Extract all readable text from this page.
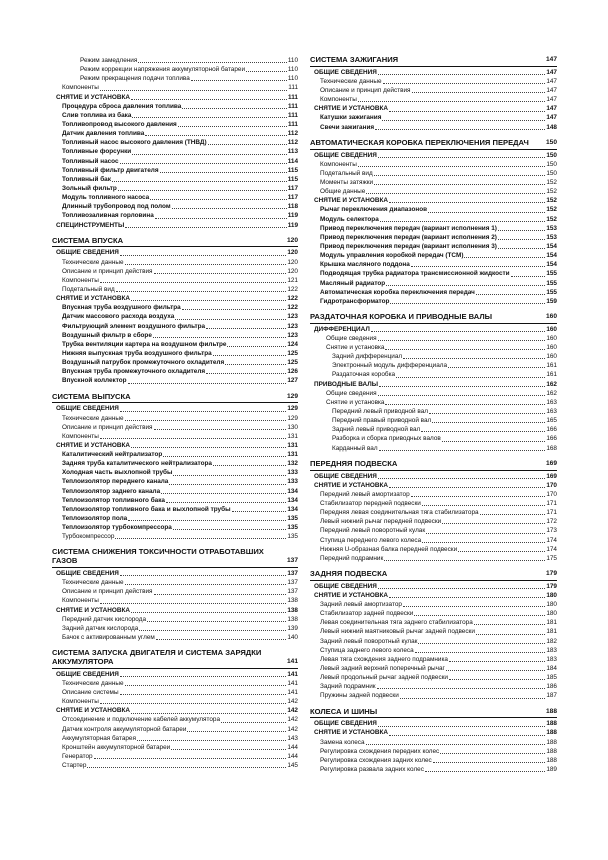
Режим замедления	110
Режим коррекции напряжения аккумуляторной батареи	110
Режим прекращения подачи топлива	110
Компоненты	111
СНЯТИЕ И УСТАНОВКА	111
Процедура сброса давления топлива	111
Слив топлива из бака	111
Топливопровод высокого давления	111
Датчик давления топлива	112
Топливный насос высокого давления (ТНВД)	112
Топливные форсунки	113
Топливный насос	114
Топливный фильтр двигателя	115
Топливный бак	115
Зольный фильтр	117
Модуль топливного насоса	117
Длинный трубопровод под полом	118
Топливозаливная горловина	119
СПЕЦИНСТРУМЕНТЫ	119
СИСТЕМА ВПУСКА	120
ОБЩИЕ СВЕДЕНИЯ	120
Технические данные	120
Описание и принцип действия	120
Компоненты	121
Подетальный вид	122
СНЯТИЕ И УСТАНОВКА	122
Впускная труба воздушного фильтра	122
Датчик массового расхода воздуха	123
Фильтрующий элемент воздушного фильтра	123
Воздушный фильтр в сборе	123
Трубка вентиляции картера на воздушном фильтре	124
Нижняя выпускная труба воздушного фильтра	125
Воздушный патрубок промежуточного охладителя	125
Впускная труба промежуточного охладителя	126
Впускной коллектор	127
СИСТЕМА ВЫПУСКА	129
ОБЩИЕ СВЕДЕНИЯ	129
Технические данные	129
Описание и принцип действия	130
Компоненты	131
СНЯТИЕ И УСТАНОВКА	131
Каталитический нейтрализатор	131
Задняя труба каталитического нейтрализатора	132
Холодная часть выхлопной трубы	133
Теплоизолятор переднего канала	133
Теплоизолятор заднего канала	134
Теплоизолятор топливного бака	134
Теплоизолятор топливного бака и выхлопной трубы	134
Теплоизолятор пола	135
Теплоизолятор турбокомпрессора	135
Турбокомпрессор	135
СИСТЕМА СНИЖЕНИЯ ТОКСИЧНОСТИ ОТРАБОТАВШИХ ГАЗОВ	137
ОБЩИЕ СВЕДЕНИЯ	137
Технические данные	137
Описание и принцип действия	137
Компоненты	138
СНЯТИЕ И УСТАНОВКА	138
Передний датчик кислорода	138
Задний датчик кислорода	139
Бачок с активированным углем	140
СИСТЕМА ЗАПУСКА ДВИГАТЕЛЯ И СИСТЕМА ЗАРЯДКИ АККУМУЛЯТОРА	141
ОБЩИЕ СВЕДЕНИЯ	141
Технические данные	141
Описание системы	141
Компоненты	142
СНЯТИЕ И УСТАНОВКА	142
Отсоединение и подключение кабелей аккумулятора	142
Датчик контроля аккумуляторной батареи	142
Аккумуляторная батарея	143
Кронштейн аккумуляторной батареи	144
Генератор	144
Стартер	145
СИСТЕМА ЗАЖИГАНИЯ	147
ОБЩИЕ СВЕДЕНИЯ	147
Технические данные	147
Описание и принцип действия	147
Компоненты	147
СНЯТИЕ И УСТАНОВКА	147
Катушки зажигания	147
Свечи зажигания	148
АВТОМАТИЧЕСКАЯ КОРОБКА ПЕРЕКЛЮЧЕНИЯ ПЕРЕДАЧ	150
ОБЩИЕ СВЕДЕНИЯ	150
Компоненты	150
Подетальный вид	150
Моменты затяжки	152
Общие данные	152
СНЯТИЕ И УСТАНОВКА	152
Рычаг переключения диапазонов	152
Модуль селектора	152
Привод переключения передач (вариант исполнения 1)	153
Привод переключения передач (вариант исполнения 2)	153
Привод переключения передач (вариант исполнения 3)	154
Модуль управления коробкой передач (TCM)	154
Крышка масляного поддона	154
Подводящая трубка радиатора трансмиссионной жидкости	155
Масляный радиатор	155
Автоматическая коробка переключения передач	155
Гидротрансформатор	159
РАЗДАТОЧНАЯ КОРОБКА И ПРИВОДНЫЕ ВАЛЫ	160
ДИФФЕРЕНЦИАЛ	160
Общие сведения	160
Снятие и установка	160
Задний дифференциал	160
Электронный модуль дифференциала	161
Раздаточная коробка	161
ПРИВОДНЫЕ ВАЛЫ	162
Общие сведения	162
Снятие и установка	163
Передний левый приводной вал	163
Передний правый приводной вал	165
Задний левый приводной вал	166
Разборка и сборка приводных валов	166
Карданный вал	168
ПЕРЕДНЯЯ ПОДВЕСКА	169
ОБЩИЕ СВЕДЕНИЯ	169
СНЯТИЕ И УСТАНОВКА	170
Передний левый амортизатор	170
Стабилизатор передней подвески	171
Передняя левая соединительная тяга стабилизатора	171
Левый нижний рычаг передней подвески	172
Передний левый поворотный кулак	173
Ступица переднего левого колеса	174
Нижняя U-образная балка передней подвески	174
Передний подрамник	175
ЗАДНЯЯ ПОДВЕСКА	179
ОБЩИЕ СВЕДЕНИЯ	179
СНЯТИЕ И УСТАНОВКА	180
Задний левый амортизатор	180
Стабилизатор задней подвески	180
Левая соединительная тяга заднего стабилизатора	181
Левый нижний маятниковый рычаг задней подвески	181
Задний левый поворотный кулак	182
Ступица заднего левого колеса	183
Левая тяга схождения заднего подрамника	183
Левый задний верхний поперечный рычаг	184
Левый продольный рычаг задней подвески	185
Задний подрамник	186
Пружины задней подвески	187
КОЛЕСА И ШИНЫ	188
ОБЩИЕ СВЕДЕНИЯ	188
СНЯТИЕ И УСТАНОВКА	188
Замена колеса	188
Регулировка схождения передних колес	188
Регулировка схождения задних колес	188
Регулировка развала задних колес	189
